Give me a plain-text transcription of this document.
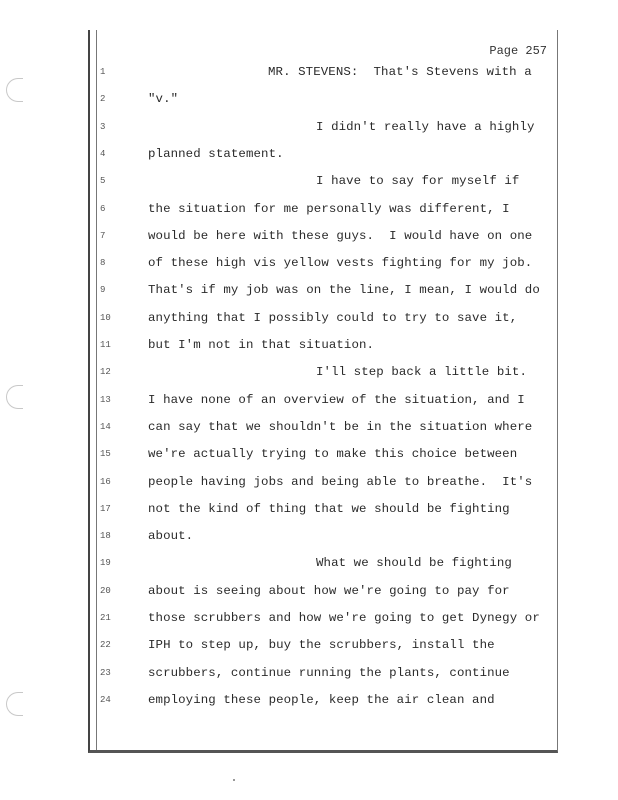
Page 257
1	MR. STEVENS:  That's Stevens with a
2	"v."
3	I didn't really have a highly
4	planned statement.
5	I have to say for myself if
6	the situation for me personally was different, I
7	would be here with these guys.  I would have on one
8	of these high vis yellow vests fighting for my job.
9	That's if my job was on the line, I mean, I would do
10	anything that I possibly could to try to save it,
11	but I'm not in that situation.
12	I'll step back a little bit.
13	I have none of an overview of the situation, and I
14	can say that we shouldn't be in the situation where
15	we're actually trying to make this choice between
16	people having jobs and being able to breathe.  It's
17	not the kind of thing that we should be fighting
18	about.
19	What we should be fighting
20	about is seeing about how we're going to pay for
21	those scrubbers and how we're going to get Dynegy or
22	IPH to step up, buy the scrubbers, install the
23	scrubbers, continue running the plants, continue
24	employing these people, keep the air clean and
